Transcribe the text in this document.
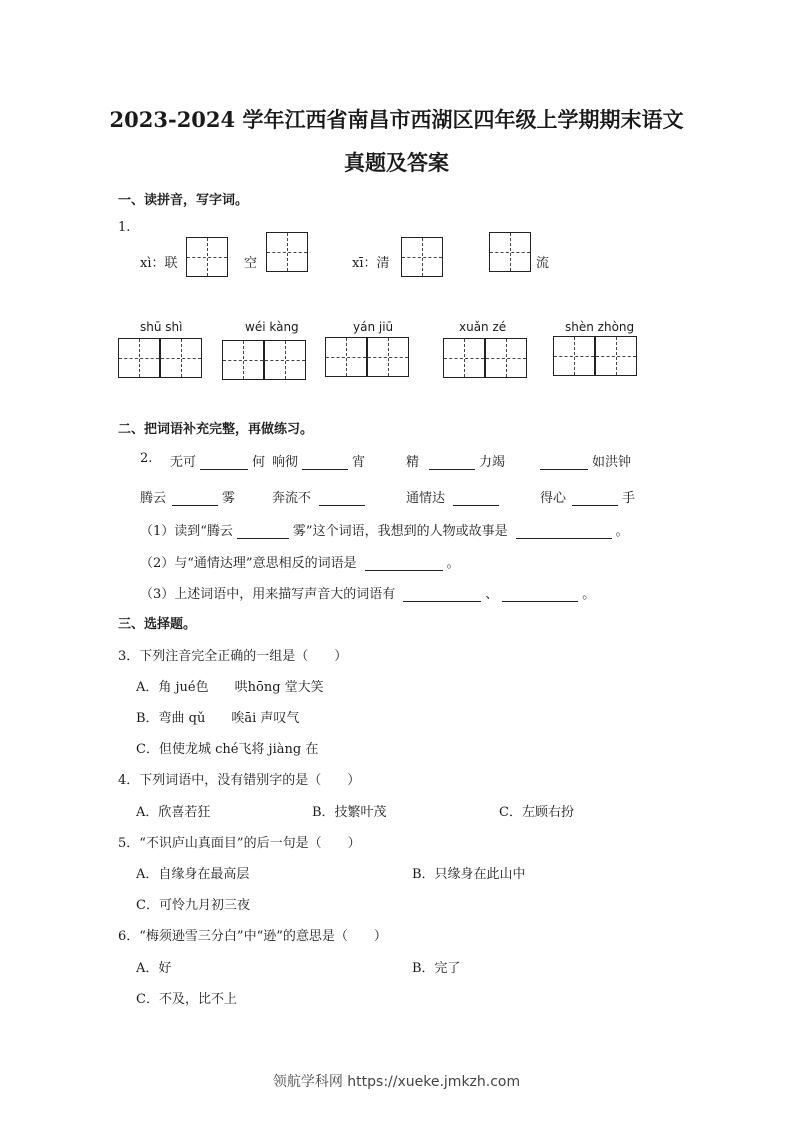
2023-2024 学年江西省南昌市西湖区四年级上学期期末语文
真题及答案
一、读拼音，写字词。
1.
xì：联	空	xī：清	流
shū shì	wéi kàng	yán jiū	xuǎn zé	shèn zhòng
二、把词语补充完整，再做练习。
2. 无可	何 响彻	宵	精	力竭	如洪钟
腾云	雾	奔流不	通情达	得心	手
（1）读到“腾云	雾”这个词语，我想到的人物或故事是	。
（2）与“通情达理”意思相反的词语是	。
（3）上述词语中，用来描写声音大的词语有	、	。
三、选择题。
3．下列注音完全正确的一组是（　　）
A．角 jué色　　哄hōng 堂大笑
B．弯曲 qǔ　　唉āi 声叹气
C．但使龙城 ché飞将 jiàng 在
4．下列词语中，没有错别字的是（　　）
A．欣喜若狂	B．技繁叶茂	C．左顾右扮
5．“不识庐山真面目”的后一句是（　　）
A．自缘身在最高层	B．只缘身在此山中
C．可怜九月初三夜
6．“梅须逊雪三分白”中“逊”的意思是（　　）
A．好	B．完了
C．不及，比不上
领航学科网 https://xueke.jmkzh.com
